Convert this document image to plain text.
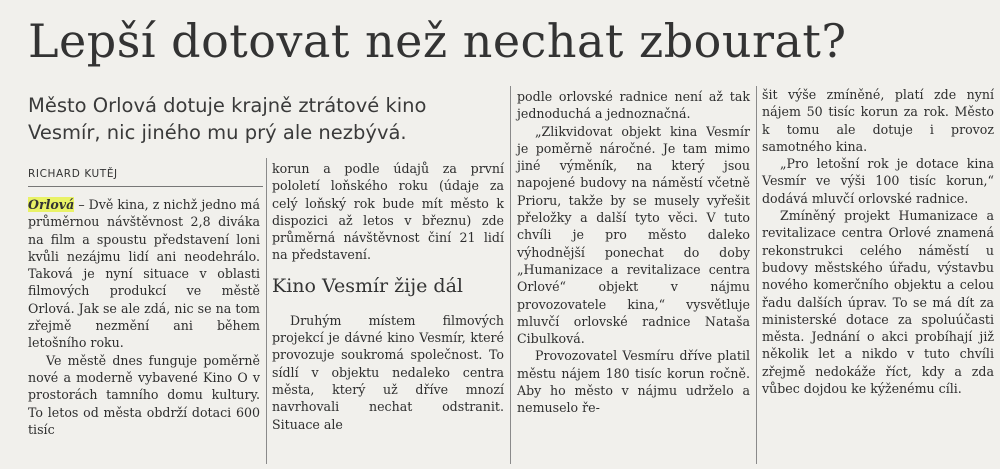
Lepší dotovat než nechat zbourat?
Město Orlová dotuje krajně ztrátové kino Vesmír, nic jiného mu prý ale nezbývá.
RICHARD KUTĚJ

Orlová – Dvě kina, z nichž jedno má průměrnou návštěvnost 2,8 diváka na film a spoustu představení loni kvůli nezájmu lidí ani neodehrálo. Taková je nyní situace v oblasti filmových produkcí ve městě Orlová. Jak se ale zdá, nic se na tom zřejmě nezmění ani během letošního roku.

Ve městě dnes funguje poměrně nové a moderně vybavené Kino O v prostorách tamního domu kultury. To letos od města obdrží dotaci 600 tisíc

korun a podle údajů za první pololetí loňského roku (údaje za celý loňský rok bude mít město k dispozici až letos v březnu) zde průměrná návštěvnost činí 21 lidí na představení.

Kino Vesmír žije dál

Druhým místem filmových projekcí je dávné kino Vesmír, které provozuje soukromá společnost. To sídlí v objektu nedaleko centra města, který už dříve mnozí navrhovali nechat odstranit. Situace ale

podle orlovské radnice není až tak jednoduchá a jednoznačná.

„Zlikvidovat objekt kina Vesmír je poměrně náročné. Je tam mimo jiné výměník, na který jsou napojené budovy na náměstí včetně Prioru, takže by se musely vyřešit přeložky a další tyto věci. V tuto chvíli je pro město daleko výhodnější ponechat do doby „Humanizace a revitalizace centra Orlové“ objekt v nájmu provozovatele kina,“ vysvětluje mluvčí orlovské radnice Nataša Cibulková.

Provozovatel Vesmíru dříve platil městu nájem 180 tisíc korun ročně. Aby ho město v nájmu udrželo a nemuselo ře-

šit výše zmíněné, platí zde nyní nájem 50 tisíc korun za rok. Město k tomu ale dotuje i provoz samotného kina.

„Pro letošní rok je dotace kina Vesmír ve výši 100 tisíc korun,“ dodává mluvčí orlovské radnice.

Zmíněný projekt Humanizace a revitalizace centra Orlové znamená rekonstrukci celého náměstí u budovy městského úřadu, výstavbu nového komerčního objektu a celou řadu dalších úprav. To se má dít za ministerské dotace za spoluúčasti města. Jednání o akci probíhají již několik let a nikdo v tuto chvíli zřejmě nedokáže říct, kdy a zda vůbec dojdou ke kýženému cíli.
